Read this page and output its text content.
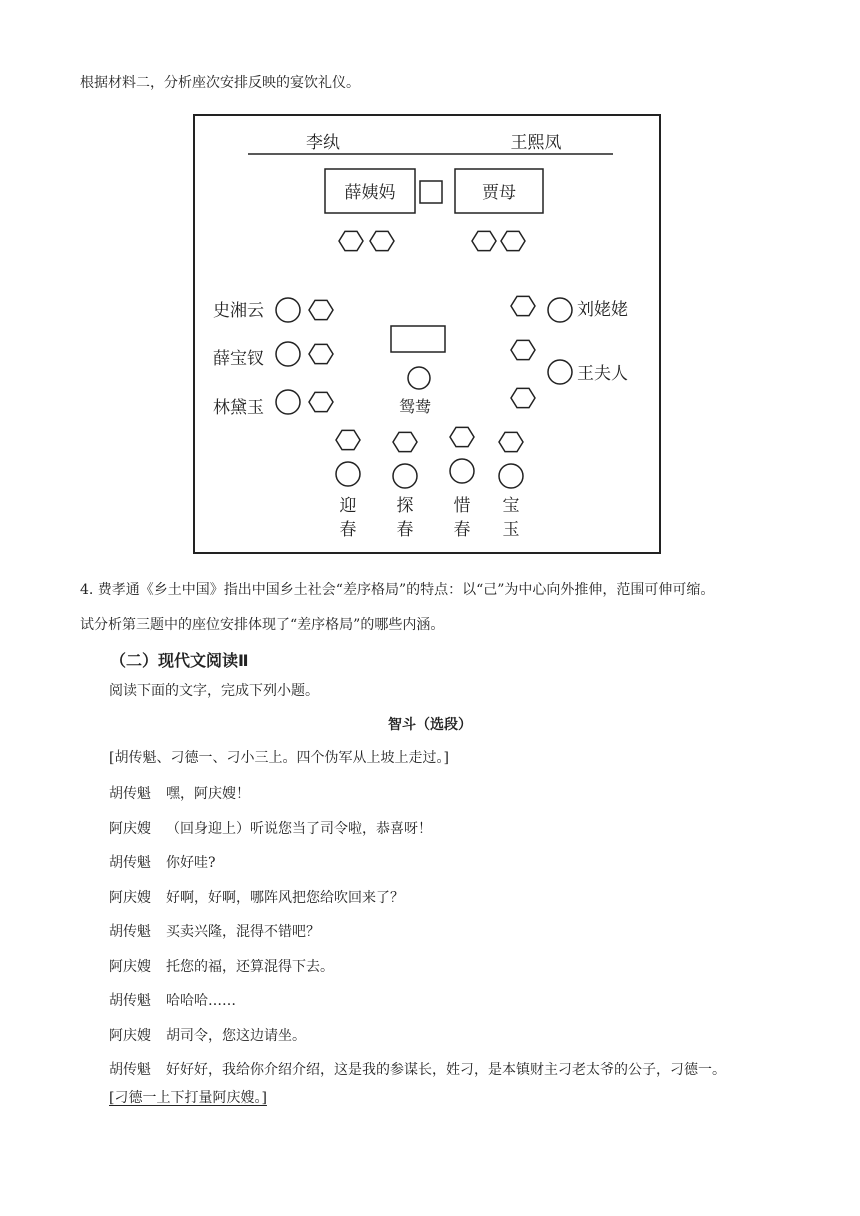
根据材料二，分析座次安排反映的宴饮礼仪。
李纨	王熙凤
薛姨妈	贾母
鸳鸯
史湘云
薛宝钗
林黛玉
刘姥姥
王夫人
迎
春
探
春
惜
春
宝
玉
4. 费孝通《乡土中国》指出中国乡土社会“差序格局”的特点：以“己”为中心向外推伸，范围可伸可缩。
试分析第三题中的座位安排体现了“差序格局”的哪些内涵。
（二）现代文阅读Ⅱ
阅读下面的文字，完成下列小题。
智斗（选段）
[胡传魁、刁德一、刁小三上。四个伪军从上坡上走过。]
胡传魁 嘿，阿庆嫂！
阿庆嫂 （回身迎上）听说您当了司令啦，恭喜呀！
胡传魁 你好哇?
阿庆嫂 好啊，好啊，哪阵风把您给吹回来了？
胡传魁 买卖兴隆，混得不错吧？
阿庆嫂 托您的福，还算混得下去。
胡传魁 哈哈哈……
阿庆嫂 胡司令，您这边请坐。
胡传魁 好好好，我给你介绍介绍，这是我的参谋长，姓刁，是本镇财主刁老太爷的公子，刁德一。
[刁德一上下打量阿庆嫂。]
